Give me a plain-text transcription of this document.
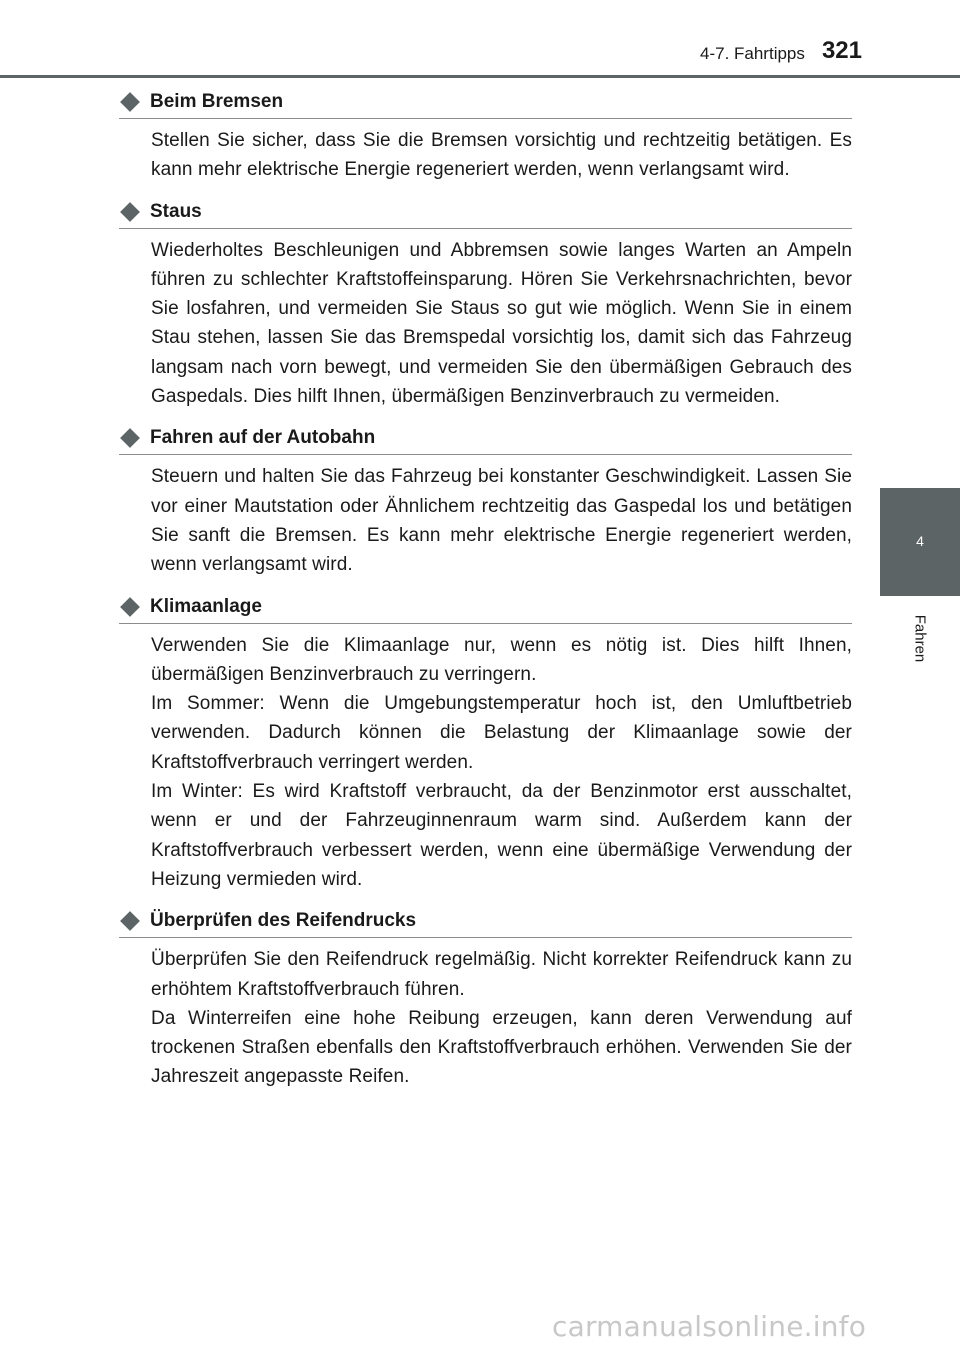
4-7. Fahrtipps 321
4
Fahren
Beim Bremsen

Stellen Sie sicher, dass Sie die Bremsen vorsichtig und rechtzeitig betätigen. Es kann mehr elektrische Energie regeneriert werden, wenn verlangsamt wird.

Staus

Wiederholtes Beschleunigen und Abbremsen sowie langes Warten an Ampeln führen zu schlechter Kraftstoffeinsparung. Hören Sie Verkehrsnachrichten, bevor Sie losfahren, und vermeiden Sie Staus so gut wie möglich. Wenn Sie in einem Stau stehen, lassen Sie das Bremspedal vorsichtig los, damit sich das Fahrzeug langsam nach vorn bewegt, und vermeiden Sie den übermäßigen Gebrauch des Gaspedals. Dies hilft Ihnen, übermäßigen Benzinverbrauch zu vermeiden.

Fahren auf der Autobahn

Steuern und halten Sie das Fahrzeug bei konstanter Geschwindigkeit. Lassen Sie vor einer Mautstation oder Ähnlichem rechtzeitig das Gaspedal los und betätigen Sie sanft die Bremsen. Es kann mehr elektrische Energie regeneriert werden, wenn verlangsamt wird.

Klimaanlage

Verwenden Sie die Klimaanlage nur, wenn es nötig ist. Dies hilft Ihnen, übermäßigen Benzinverbrauch zu verringern.

Im Sommer: Wenn die Umgebungstemperatur hoch ist, den Umluftbetrieb verwenden. Dadurch können die Belastung der Klimaanlage sowie der Kraftstoffverbrauch verringert werden.

Im Winter: Es wird Kraftstoff verbraucht, da der Benzinmotor erst ausschaltet, wenn er und der Fahrzeuginnenraum warm sind. Außerdem kann der Kraftstoffverbrauch verbessert werden, wenn eine übermäßige Verwendung der Heizung vermieden wird.

Überprüfen des Reifendrucks

Überprüfen Sie den Reifendruck regelmäßig. Nicht korrekter Reifendruck kann zu erhöhtem Kraftstoffverbrauch führen.

Da Winterreifen eine hohe Reibung erzeugen, kann deren Verwendung auf trockenen Straßen ebenfalls den Kraftstoffverbrauch erhöhen. Verwenden Sie der Jahreszeit angepasste Reifen.

carmanualsonline.info
